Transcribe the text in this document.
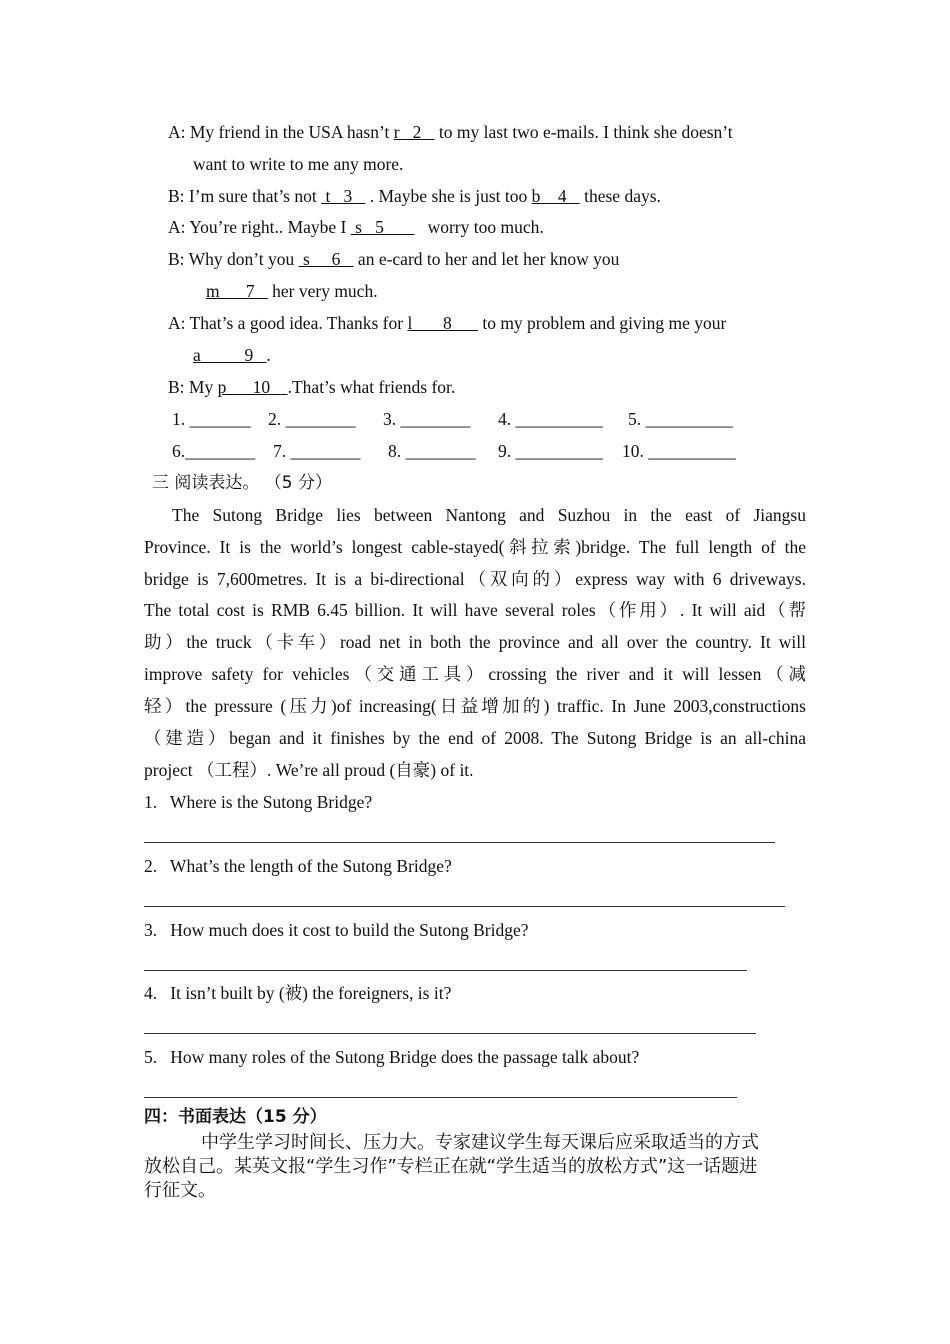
A: My friend in the USA hasn’t r   2    to my last two e-mails. I think she doesn’t
want to write to me any more.
B: I’m sure that’s not  t   3    . Maybe she is just too b    4    these days.
A: You’re right.. Maybe I  s   5          worry too much.
B: Why don’t you  s     6    an e-card to her and let her know you
m      7    her very much.
A: That’s a good idea. Thanks for l       8       to my problem and giving me your
a          9   .
B: My p      10    .That’s what friends for.
1. _______ 2. ________ 3. ________ 4. __________ 5. __________
6.________ 7. ________ 8. ________ 9. __________ 10. __________
三 阅读表达。 （5 分）
The Sutong Bridge lies between Nantong and Suzhou in the east of Jiangsu
Province. It is the world’s longest cable-stayed(斜拉索)bridge. The full length of the
bridge is 7,600metres. It is a bi-directional（双向的）express way with 6 driveways.
The total cost is RMB 6.45 billion. It will have several roles（作用）. It will aid（帮
助）the truck（卡车）road net in both the province and all over the country. It will
improve safety for vehicles（交通工具）crossing the river and it will lessen（减
轻）the pressure (压力)of increasing(日益增加的) traffic. In June 2003,constructions
（建造）began and it finishes by the end of 2008. The Sutong Bridge is an all-china
project （工程）. We’re all proud (自豪) of it.
1.   Where is the Sutong Bridge?
2.   What’s the length of the Sutong Bridge?
3.   How much does it cost to build the Sutong Bridge?
4.   It isn’t built by (被) the foreigners, is it?
5.   How many roles of the Sutong Bridge does the passage talk about?
四：书面表达（15 分）
中学生学习时间长、压力大。专家建议学生每天课后应采取适当的方式
放松自己。某英文报“学生习作”专栏正在就“学生适当的放松方式”这一话题进
行征文。
